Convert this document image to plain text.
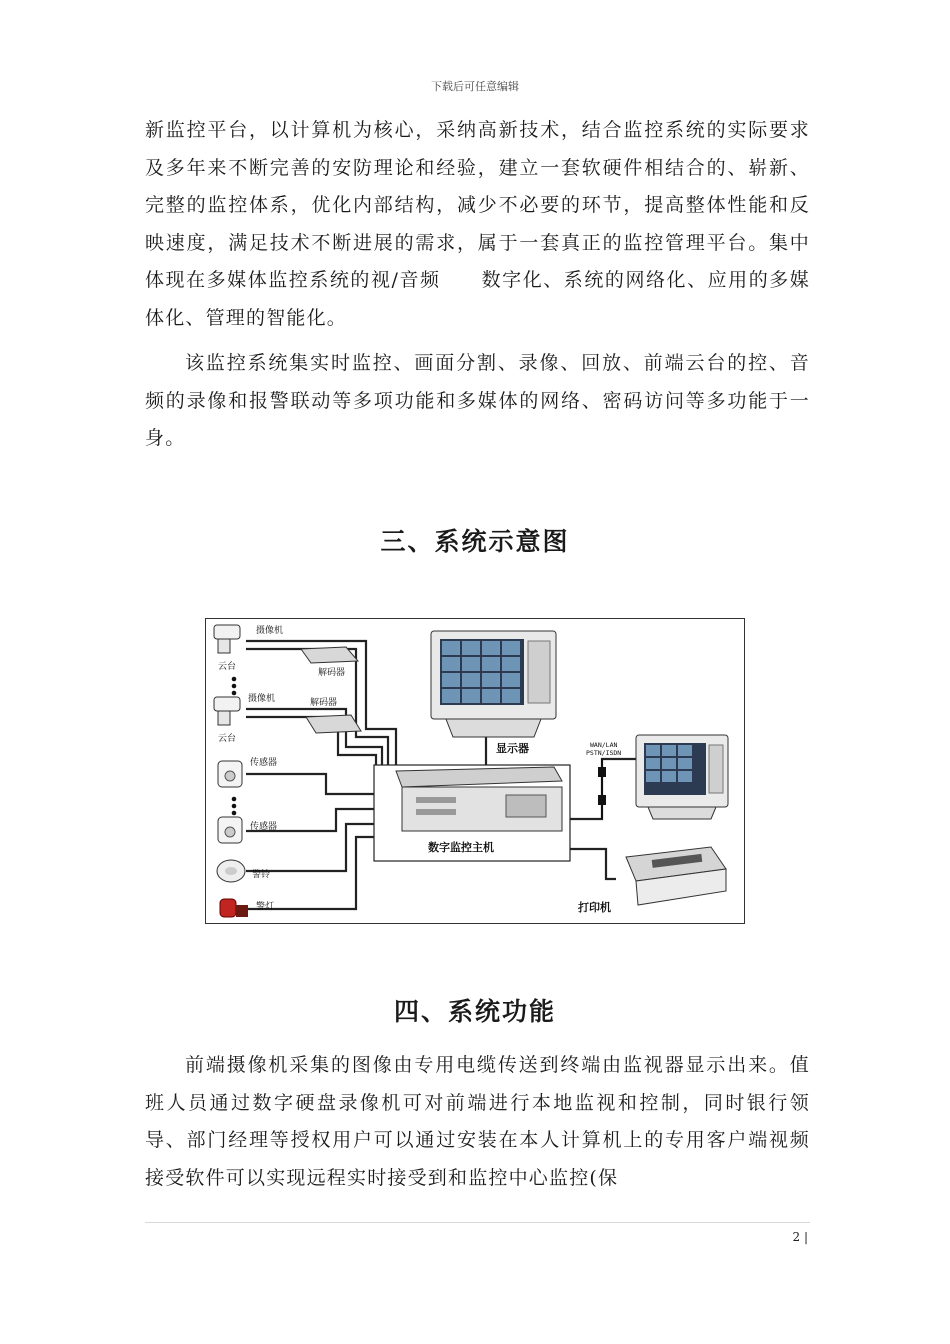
下载后可任意编辑

新监控平台，以计算机为核心，采纳高新技术，结合监控系统的实际要求及多年来不断完善的安防理论和经验，建立一套软硬件相结合的、崭新、完整的监控体系，优化内部结构，减少不必要的环节，提高整体性能和反映速度，满足技术不断进展的需求，属于一套真正的监控管理平台。集中体现在多媒体监控系统的视/音频　　数字化、系统的网络化、应用的多媒体化、管理的智能化。

该监控系统集实时监控、画面分割、录像、回放、前端云台的控、音频的录像和报警联动等多项功能和多媒体的网络、密码访问等多功能于一身。

三、系统示意图
摄像机
云台
解码器
摄像机	解码器
云台
传感器
传感器
警铃
警灯
显示器
数字监控主机
WAN/LAN
PSTN/ISDN
打印机
四、系统功能

前端摄像机采集的图像由专用电缆传送到终端由监视器显示出来。值班人员通过数字硬盘录像机可对前端进行本地监视和控制，同时银行领导、部门经理等授权用户可以通过安装在本人计算机上的专用客户端视频接受软件可以实现远程实时接受到和监控中心监控(保

2 |
